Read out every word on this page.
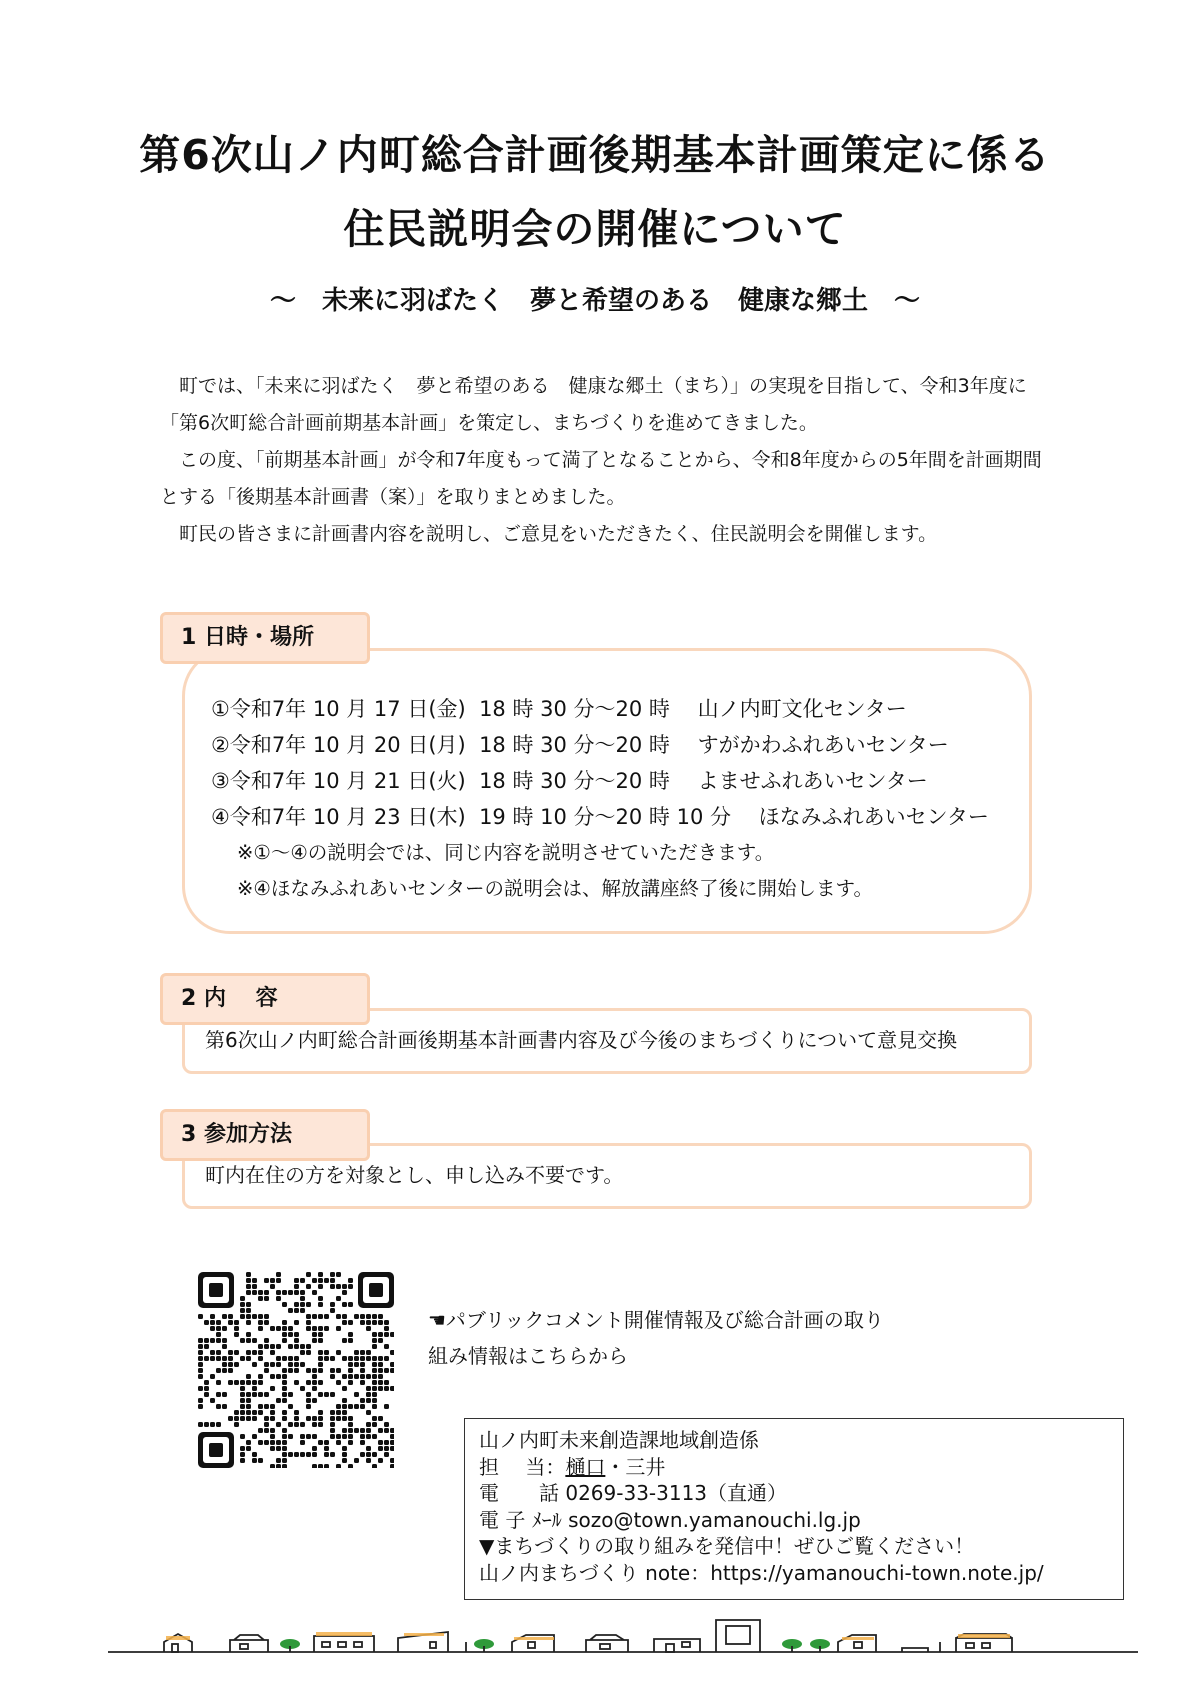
第6次山ノ内町総合計画後期基本計画策定に係る
住民説明会の開催について
～　未来に羽ばたく　夢と希望のある　健康な郷土　～

　町では、「未来に羽ばたく　夢と希望のある　健康な郷土（まち）」の実現を目指して、令和3年度に「第6次町総合計画前期基本計画」を策定し、まちづくりを進めてきました。

　この度、「前期基本計画」が令和7年度もって満了となることから、令和8年度からの5年間を計画期間とする「後期基本計画書（案）」を取りまとめました。

　町民の皆さまに計画書内容を説明し、ご意見をいただきたく、住民説明会を開催します。

①令和7年 10 月 17 日(金)  18 時 30 分～20 時　 山ノ内町文化センター
②令和7年 10 月 20 日(月)  18 時 30 分～20 時　 すがかわふれあいセンター
③令和7年 10 月 21 日(火)  18 時 30 分～20 時　 よませふれあいセンター
④令和7年 10 月 23 日(木)  19 時 10 分～20 時 10 分　 ほなみふれあいセンター
※①～④の説明会では、同じ内容を説明させていただきます。
※④ほなみふれあいセンターの説明会は、解放講座終了後に開始します。
1 日時・場所
第6次山ノ内町総合計画後期基本計画書内容及び今後のまちづくりについて意見交換
2 内　 容
町内在住の方を対象とし、申し込み不要です。
3 参加方法
☚パブリックコメント開催情報及び総合計画の取り
組み情報はこちらから
山ノ内町未来創造課地域創造係
担　 当：樋口・三井
電　　話 0269-33-3113（直通）
電 子 ﾒｰﾙ sozo@town.yamanouchi.lg.jp
▼まちづくりの取り組みを発信中！ぜひご覧ください！
山ノ内まちづくり note：https://yamanouchi-town.note.jp/
